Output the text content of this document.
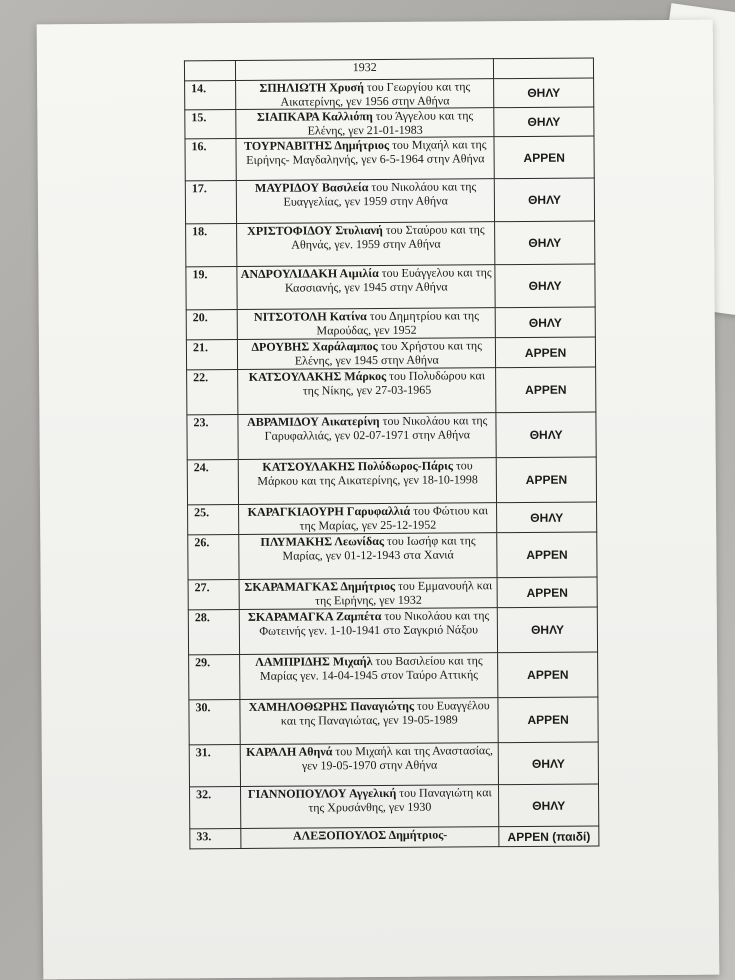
	1932	
14.	ΣΠΗΛΙΩΤΗ Χρυσή του Γεωργίου και της Αικατερίνης, γεν 1956 στην Αθήνα	ΘΗΛΥ
15.	ΣΙΑΠΚΑΡΑ Καλλιόπη του Άγγελου και της Ελένης, γεν 21-01-1983	ΘΗΛΥ
16.	ΤΟΥΡΝΑΒΙΤΗΣ Δημήτριος του Μιχαήλ και της Ειρήνης- Μαγδαληνής, γεν 6-5-1964 στην Αθήνα	ΑΡΡΕΝ
17.	ΜΑΥΡΙΔΟΥ Βασιλεία του Νικολάου και της Ευαγγελίας, γεν 1959 στην Αθήνα	ΘΗΛΥ
18.	ΧΡΙΣΤΟΦΙΔΟΥ Στυλιανή του Σταύρου και της Αθηνάς, γεν. 1959 στην Αθήνα	ΘΗΛΥ
19.	ΑΝΔΡΟΥΛΙΔΑΚΗ Αιμιλία του Ευάγγελου και της Κασσιανής, γεν 1945 στην Αθήνα	ΘΗΛΥ
20.	ΝΙΤΣΟΤΟΛΗ Κατίνα του Δημητρίου και της Μαρούδας, γεν 1952	ΘΗΛΥ
21.	ΔΡΟΥΒΗΣ Χαράλαμπος του Χρήστου και της Ελένης, γεν 1945 στην Αθήνα	ΑΡΡΕΝ
22.	ΚΑΤΣΟΥΛΑΚΗΣ Μάρκος του Πολυδώρου και της Νίκης, γεν 27-03-1965	ΑΡΡΕΝ
23.	ΑΒΡΑΜΙΔΟΥ Αικατερίνη του Νικολάου και της Γαρυφαλλιάς, γεν 02-07-1971 στην Αθήνα	ΘΗΛΥ
24.	ΚΑΤΣΟΥΛΑΚΗΣ Πολύδωρος-Πάρις του Μάρκου και της Αικατερίνης, γεν 18-10-1998	ΑΡΡΕΝ
25.	ΚΑΡΑΓΚΙΑΟΥΡΗ Γαρυφαλλιά του Φώτιου και της Μαρίας, γεν 25-12-1952	ΘΗΛΥ
26.	ΠΛΥΜΑΚΗΣ Λεωνίδας του Ιωσήφ και της Μαρίας, γεν 01-12-1943 στα Χανιά	ΑΡΡΕΝ
27.	ΣΚΑΡΑΜΑΓΚΑΣ Δημήτριος του Εμμανουήλ και της Ειρήνης, γεν 1932	ΑΡΡΕΝ
28.	ΣΚΑΡΑΜΑΓΚΑ Ζαμπέτα του Νικολάου και της Φωτεινής γεν. 1-10-1941 στο Σαγκριό Νάξου	ΘΗΛΥ
29.	ΛΑΜΠΡΙΔΗΣ Μιχαήλ του Βασιλείου και της Μαρίας γεν. 14-04-1945 στον Ταύρο Αττικής	ΑΡΡΕΝ
30.	ΧΑΜΗΛΟΘΩΡΗΣ Παναγιώτης του Ευαγγέλου και της Παναγιώτας, γεν 19-05-1989	ΑΡΡΕΝ
31.	ΚΑΡΑΛΗ Αθηνά του Μιχαήλ και της Αναστασίας, γεν 19-05-1970 στην Αθήνα	ΘΗΛΥ
32.	ΓΙΑΝΝΟΠΟΥΛΟΥ Αγγελική του Παναγιώτη και της Χρυσάνθης, γεν 1930	ΘΗΛΥ
33.	ΑΛΕΞΟΠΟΥΛΟΣ Δημήτριος-	ΑΡΡΕΝ (παιδί)
